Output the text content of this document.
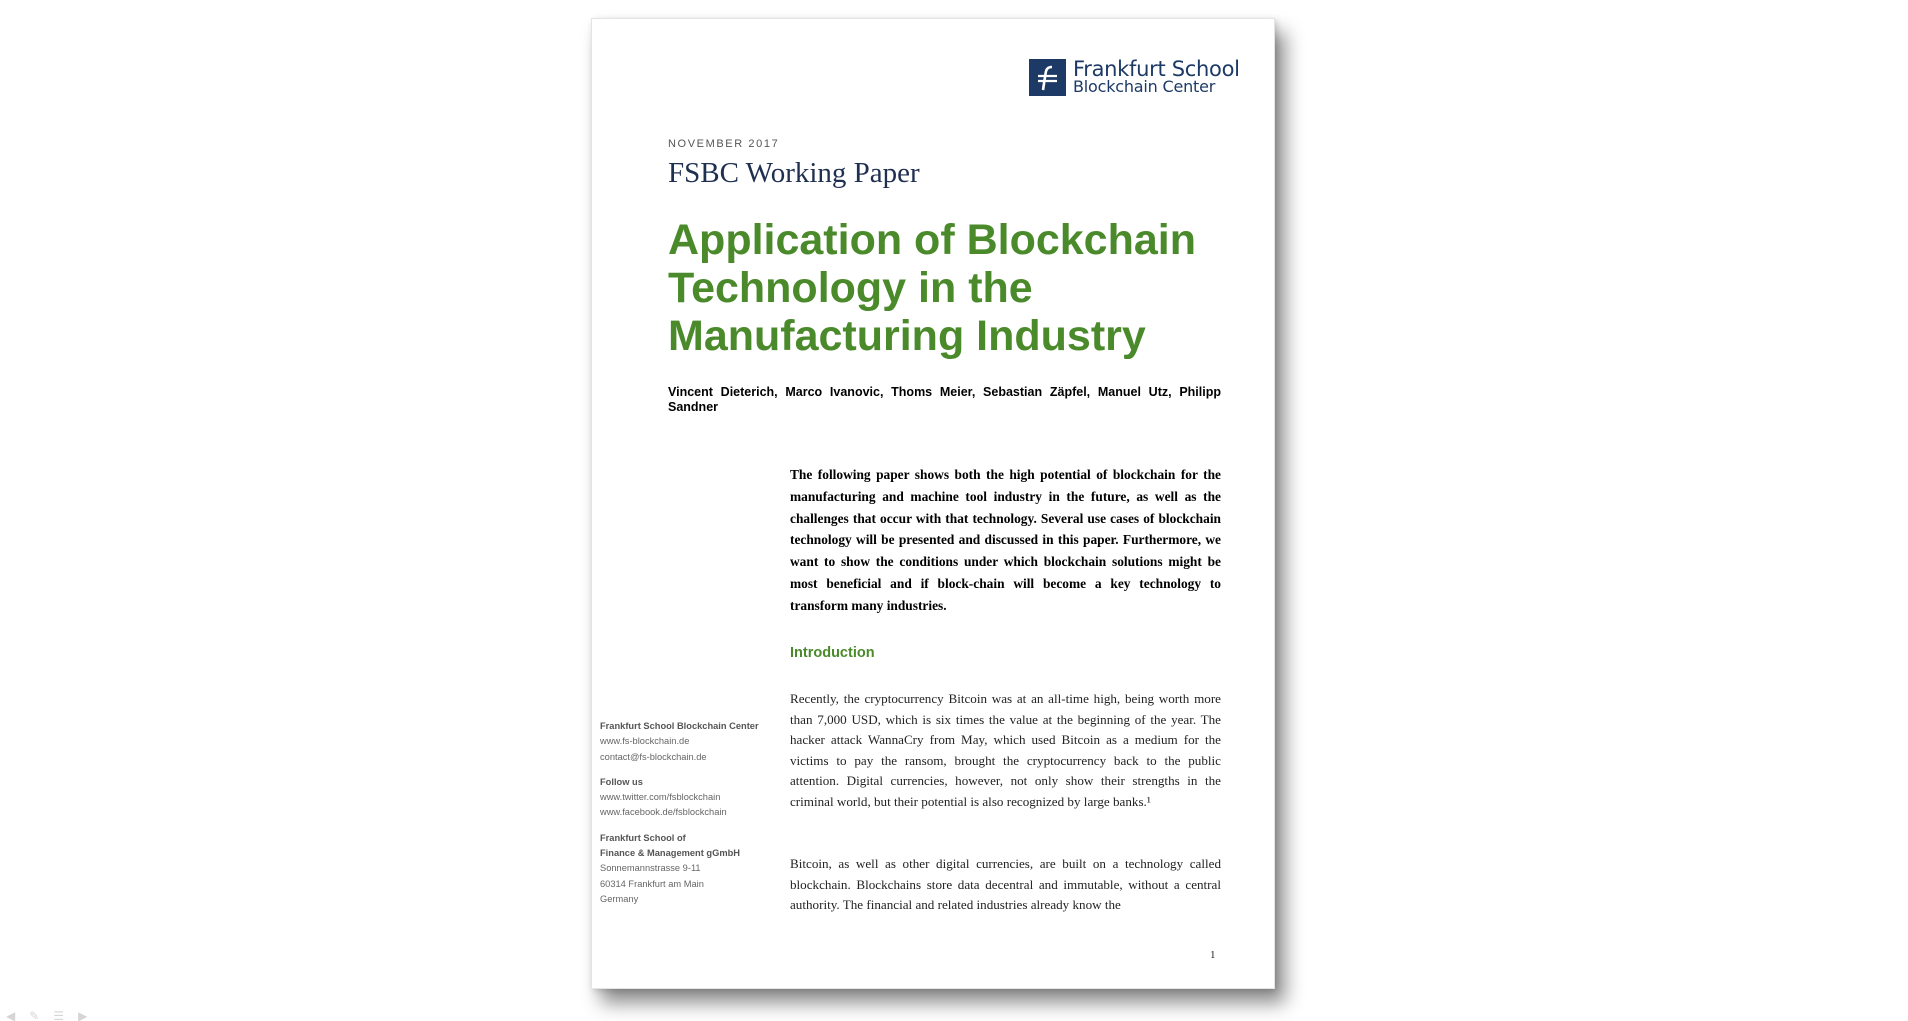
Frankfurt School
Blockchain Center
NOVEMBER 2017
FSBC Working Paper
Application of Blockchain
Technology in the
Manufacturing Industry
Vincent Dieterich, Marco Ivanovic, Thoms Meier, Sebastian Zäpfel, Manuel Utz, Philipp Sandner
The following paper shows both the high potential of blockchain for the manufacturing and machine tool industry in the future, as well as the challenges that occur with that technology. Several use cases of blockchain technology will be presented and discussed in this paper. Furthermore, we want to show the conditions under which blockchain solutions might be most beneficial and if block-chain will become a key technology to transform many industries.
Introduction
Recently, the cryptocurrency Bitcoin was at an all-time high, being worth more than 7,000 USD, which is six times the value at the beginning of the year. The hacker attack WannaCry from May, which used Bitcoin as a medium for the victims to pay the ransom, brought the cryptocurrency back to the public attention. Digital currencies, however, not only show their strengths in the criminal world, but their potential is also recognized by large banks.¹
Bitcoin, as well as other digital currencies, are built on a technology called blockchain. Blockchains store data decentral and immutable, without a central authority. The financial and related industries already know the
Frankfurt School Blockchain Center
www.fs-blockchain.de
contact@fs-blockchain.de
Follow us
www.twitter.com/fsblockchain
www.facebook.de/fsblockchain
Frankfurt School of
Finance & Management gGmbH
Sonnemannstrasse 9-11
60314 Frankfurt am Main
Germany
1
◀ ✎ ☰ ▶
